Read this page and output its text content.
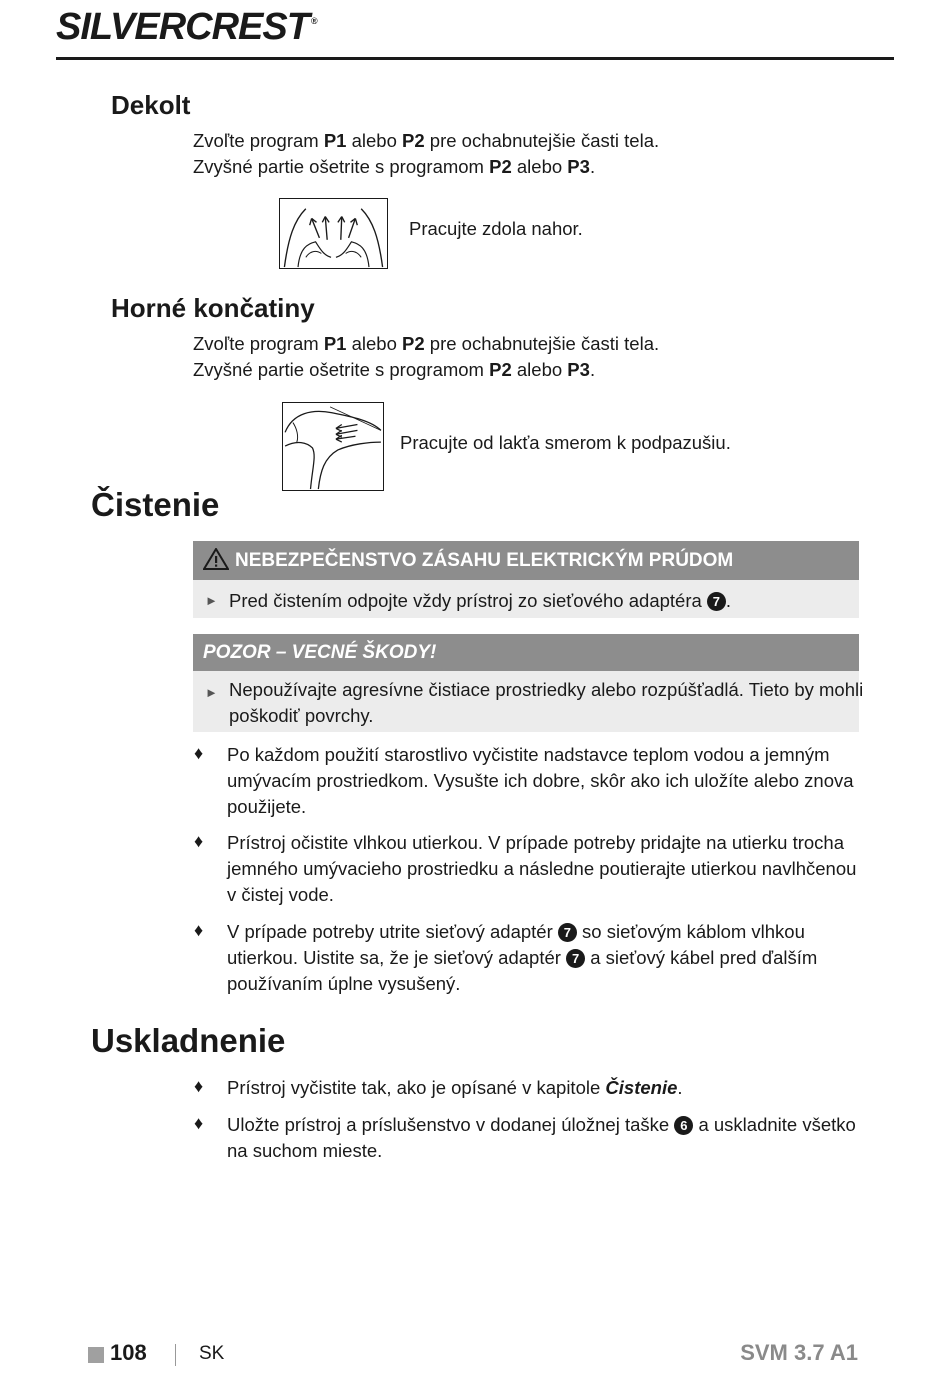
SILVERCREST ®
Dekolt
Zvoľte program P1 alebo P2 pre ochabnutejšie časti tela.
Zvyšné partie ošetrite s programom P2 alebo P3.
Pracujte zdola nahor.
Horné končatiny
Zvoľte program P1 alebo P2 pre ochabnutejšie časti tela.
Zvyšné partie ošetrite s programom P2 alebo P3.
Pracujte od lakťa smerom k podpazušiu.
Čistenie
NEBEZPEČENSTVO ZÁSAHU ELEKTRICKÝM PRÚDOM
► Pred čistením odpojte vždy prístroj zo sieťového adaptéra 7 .
POZOR – VECNÉ ŠKODY!
► Nepoužívajte agresívne čistiace prostriedky alebo rozpúšťadlá. Tieto by mohli
poškodiť povrchy.
♦ Po každom použití starostlivo vyčistite nadstavce teplom vodou a jemným
umývacím prostriedkom. Vysušte ich dobre, skôr ako ich uložíte alebo znova
použijete.
♦ Prístroj očistite vlhkou utierkou. V prípade potreby pridajte na utierku trocha
jemného umývacieho prostriedku a následne poutierajte utierkou navlhčenou
v čistej vode.
♦ V prípade potreby utrite sieťový adaptér 7 so sieťovým káblom vlhkou
utierkou. Uistite sa, že je sieťový adaptér 7 a sieťový kábel pred ďalším
používaním úplne vysušený.
Uskladnenie
♦ Prístroj vyčistite tak, ako je opísané v kapitole Čistenie.
♦ Uložte prístroj a príslušenstvo v dodanej úložnej taške 6 a uskladnite všetko
na suchom mieste.
108	SK	SVM 3.7 A1
